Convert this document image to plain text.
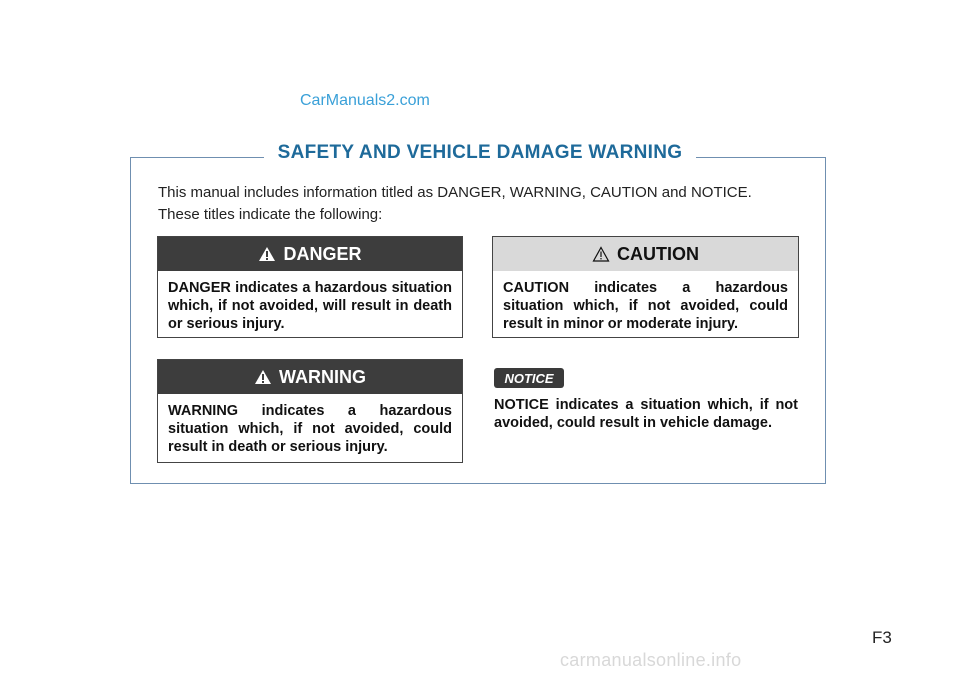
CarManuals2.com
SAFETY AND VEHICLE DAMAGE WARNING
This manual includes information titled as DANGER, WARNING, CAUTION and NOTICE.
These titles indicate the following:
DANGER
DANGER indicates a hazardous situation which, if not avoided, will result in death or serious injury.
CAUTION
CAUTION indicates a hazardous situation which, if not avoided, could result in minor or moderate injury.
WARNING
WARNING indicates a hazardous situation which, if not avoided, could result in death or serious injury.
NOTICE
NOTICE indicates a situation which, if not avoided, could result in vehicle damage.
F3
carmanualsonline.info
